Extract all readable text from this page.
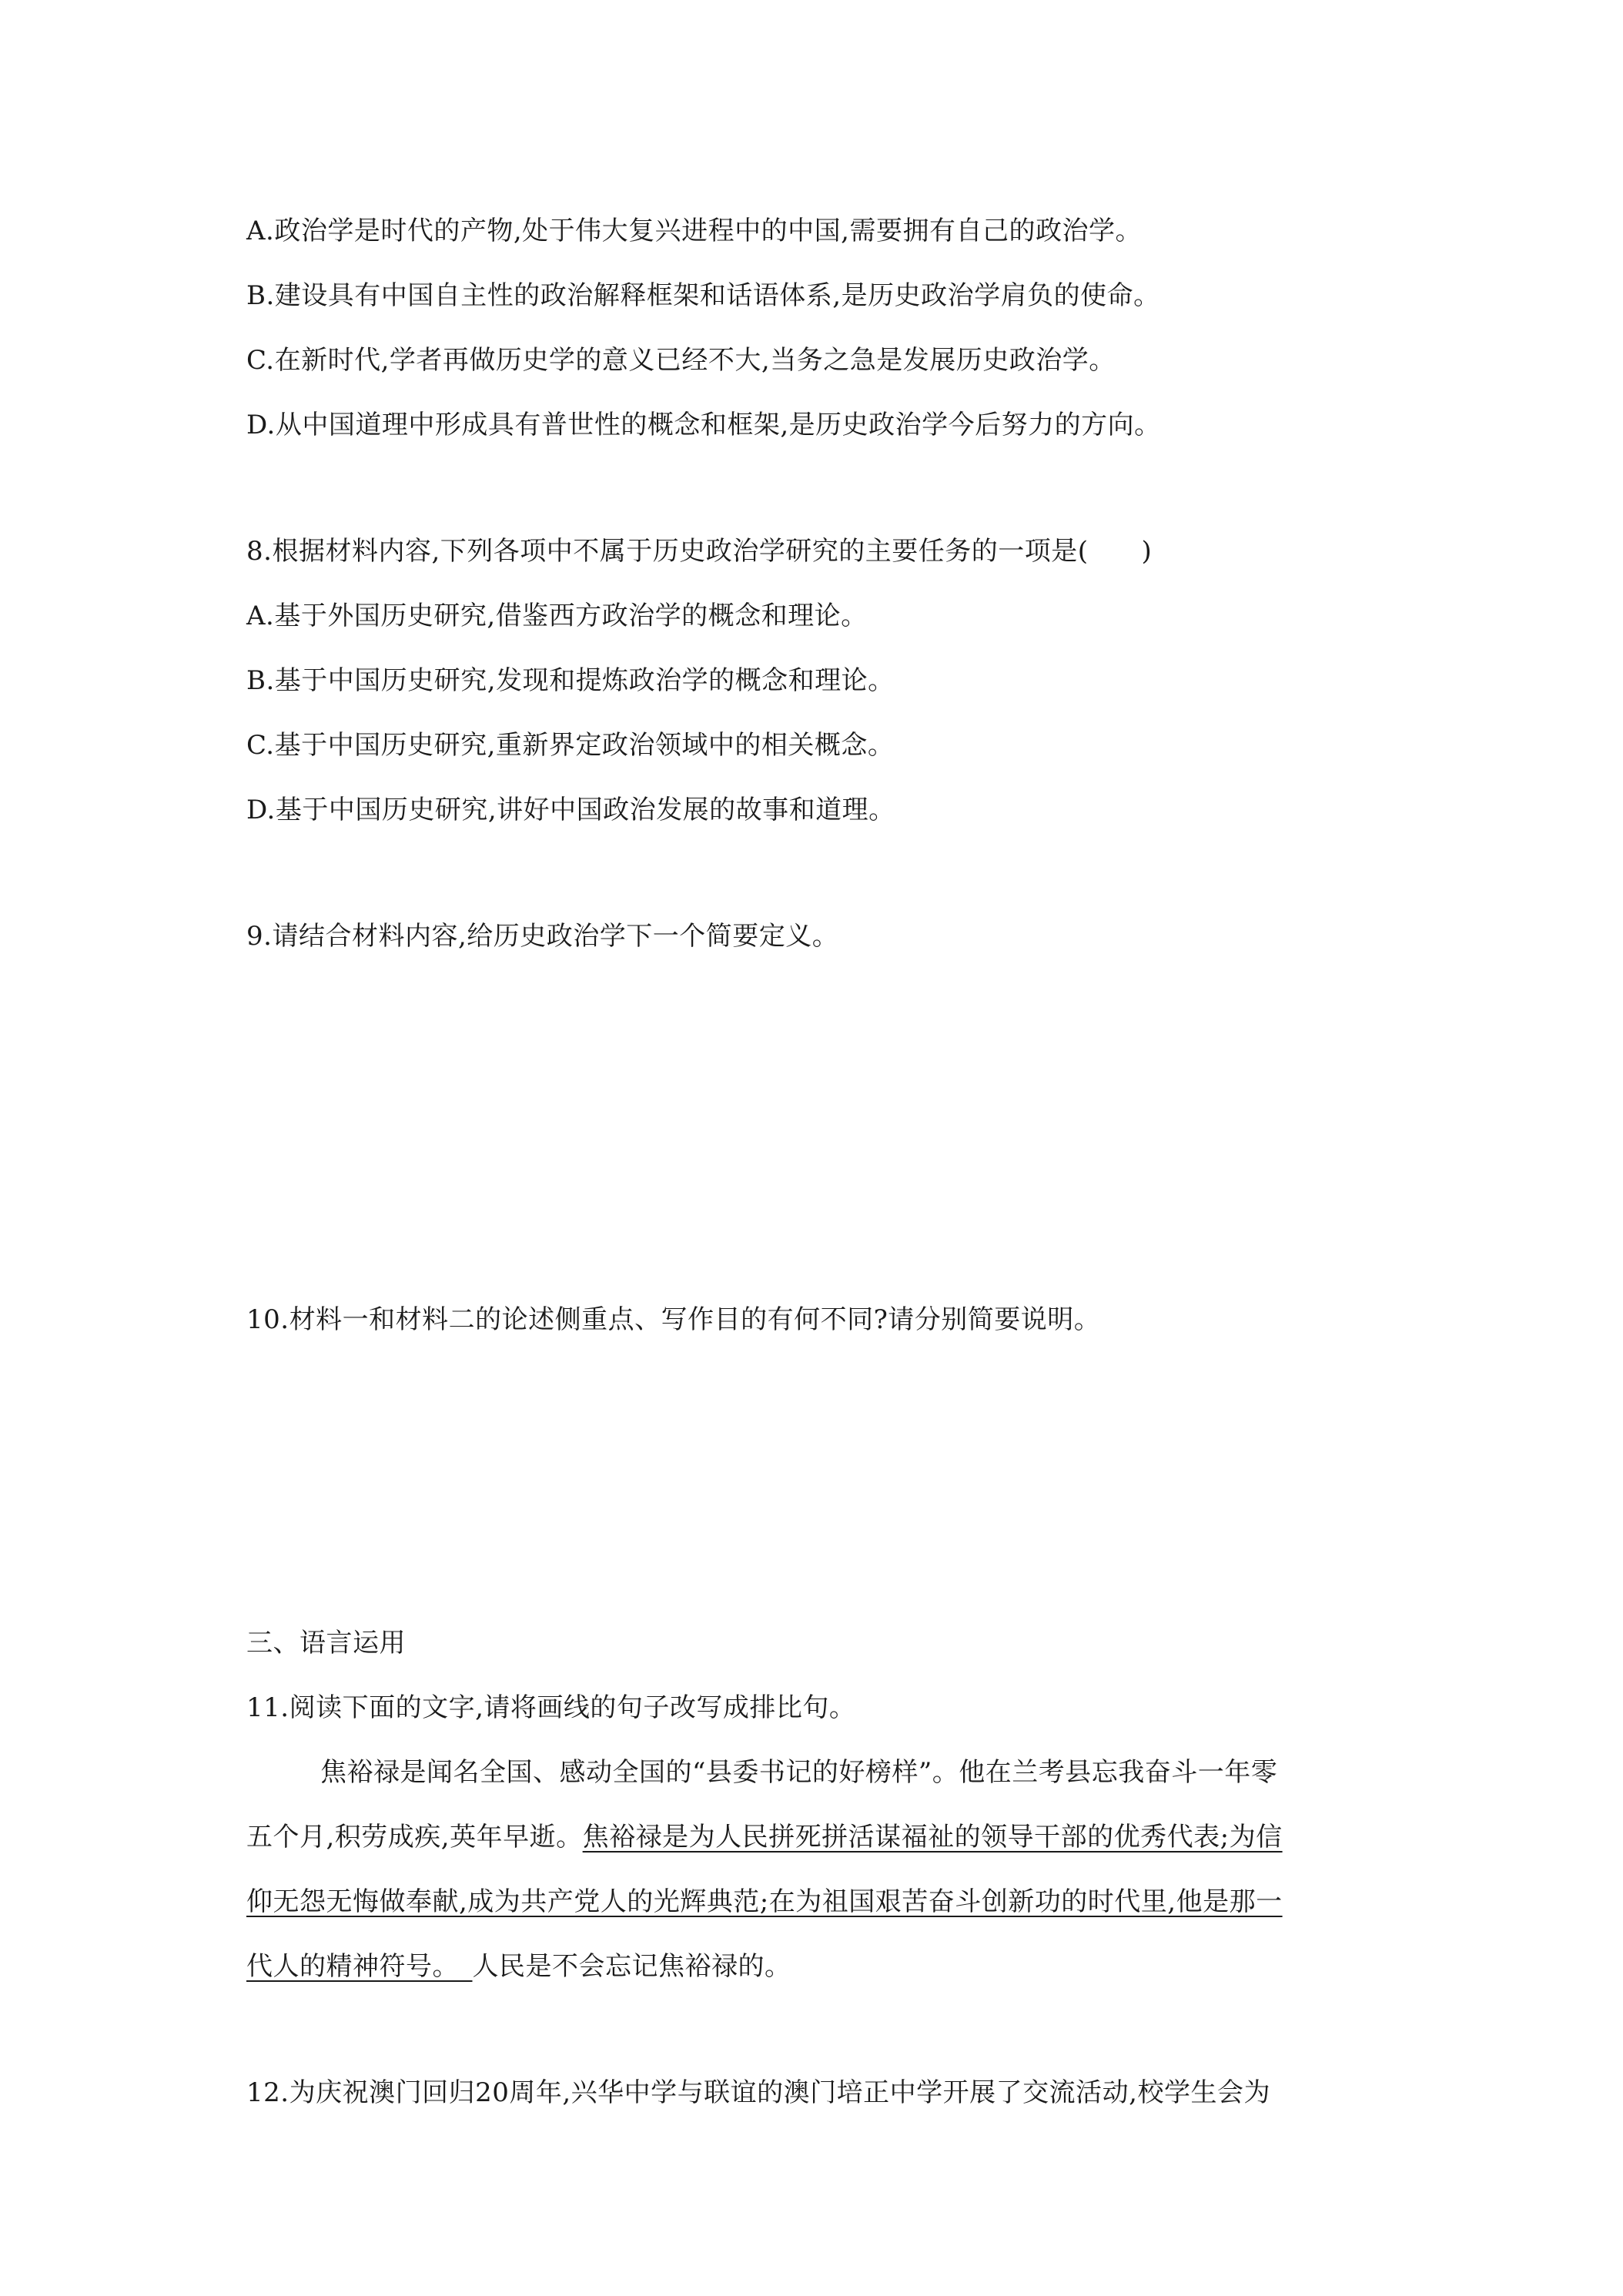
A.政治学是时代的产物,处于伟大复兴进程中的中国,需要拥有自己的政治学。

B.建设具有中国自主性的政治解释框架和话语体系,是历史政治学肩负的使命。

C.在新时代,学者再做历史学的意义已经不大,当务之急是发展历史政治学。

D.从中国道理中形成具有普世性的概念和框架,是历史政治学今后努力的方向。

8.根据材料内容,下列各项中不属于历史政治学研究的主要任务的一项是(　　)

A.基于外国历史研究,借鉴西方政治学的概念和理论。

B.基于中国历史研究,发现和提炼政治学的概念和理论。

C.基于中国历史研究,重新界定政治领域中的相关概念。

D.基于中国历史研究,讲好中国政治发展的故事和道理。

9.请结合材料内容,给历史政治学下一个简要定义。

10.材料一和材料二的论述侧重点、写作目的有何不同?请分别简要说明。

三、语言运用

11.阅读下面的文字,请将画线的句子改写成排比句。

焦裕禄是闻名全国、感动全国的“县委书记的好榜样”。他在兰考县忘我奋斗一年零

五个月,积劳成疾,英年早逝。焦裕禄是为人民拼死拼活谋福祉的领导干部的优秀代表;为信

仰无怨无悔做奉献,成为共产党人的光辉典范;在为祖国艰苦奋斗创新功的时代里,他是那一

代人的精神符号。  人民是不会忘记焦裕禄的。

12.为庆祝澳门回归20周年,兴华中学与联谊的澳门培正中学开展了交流活动,校学生会为
